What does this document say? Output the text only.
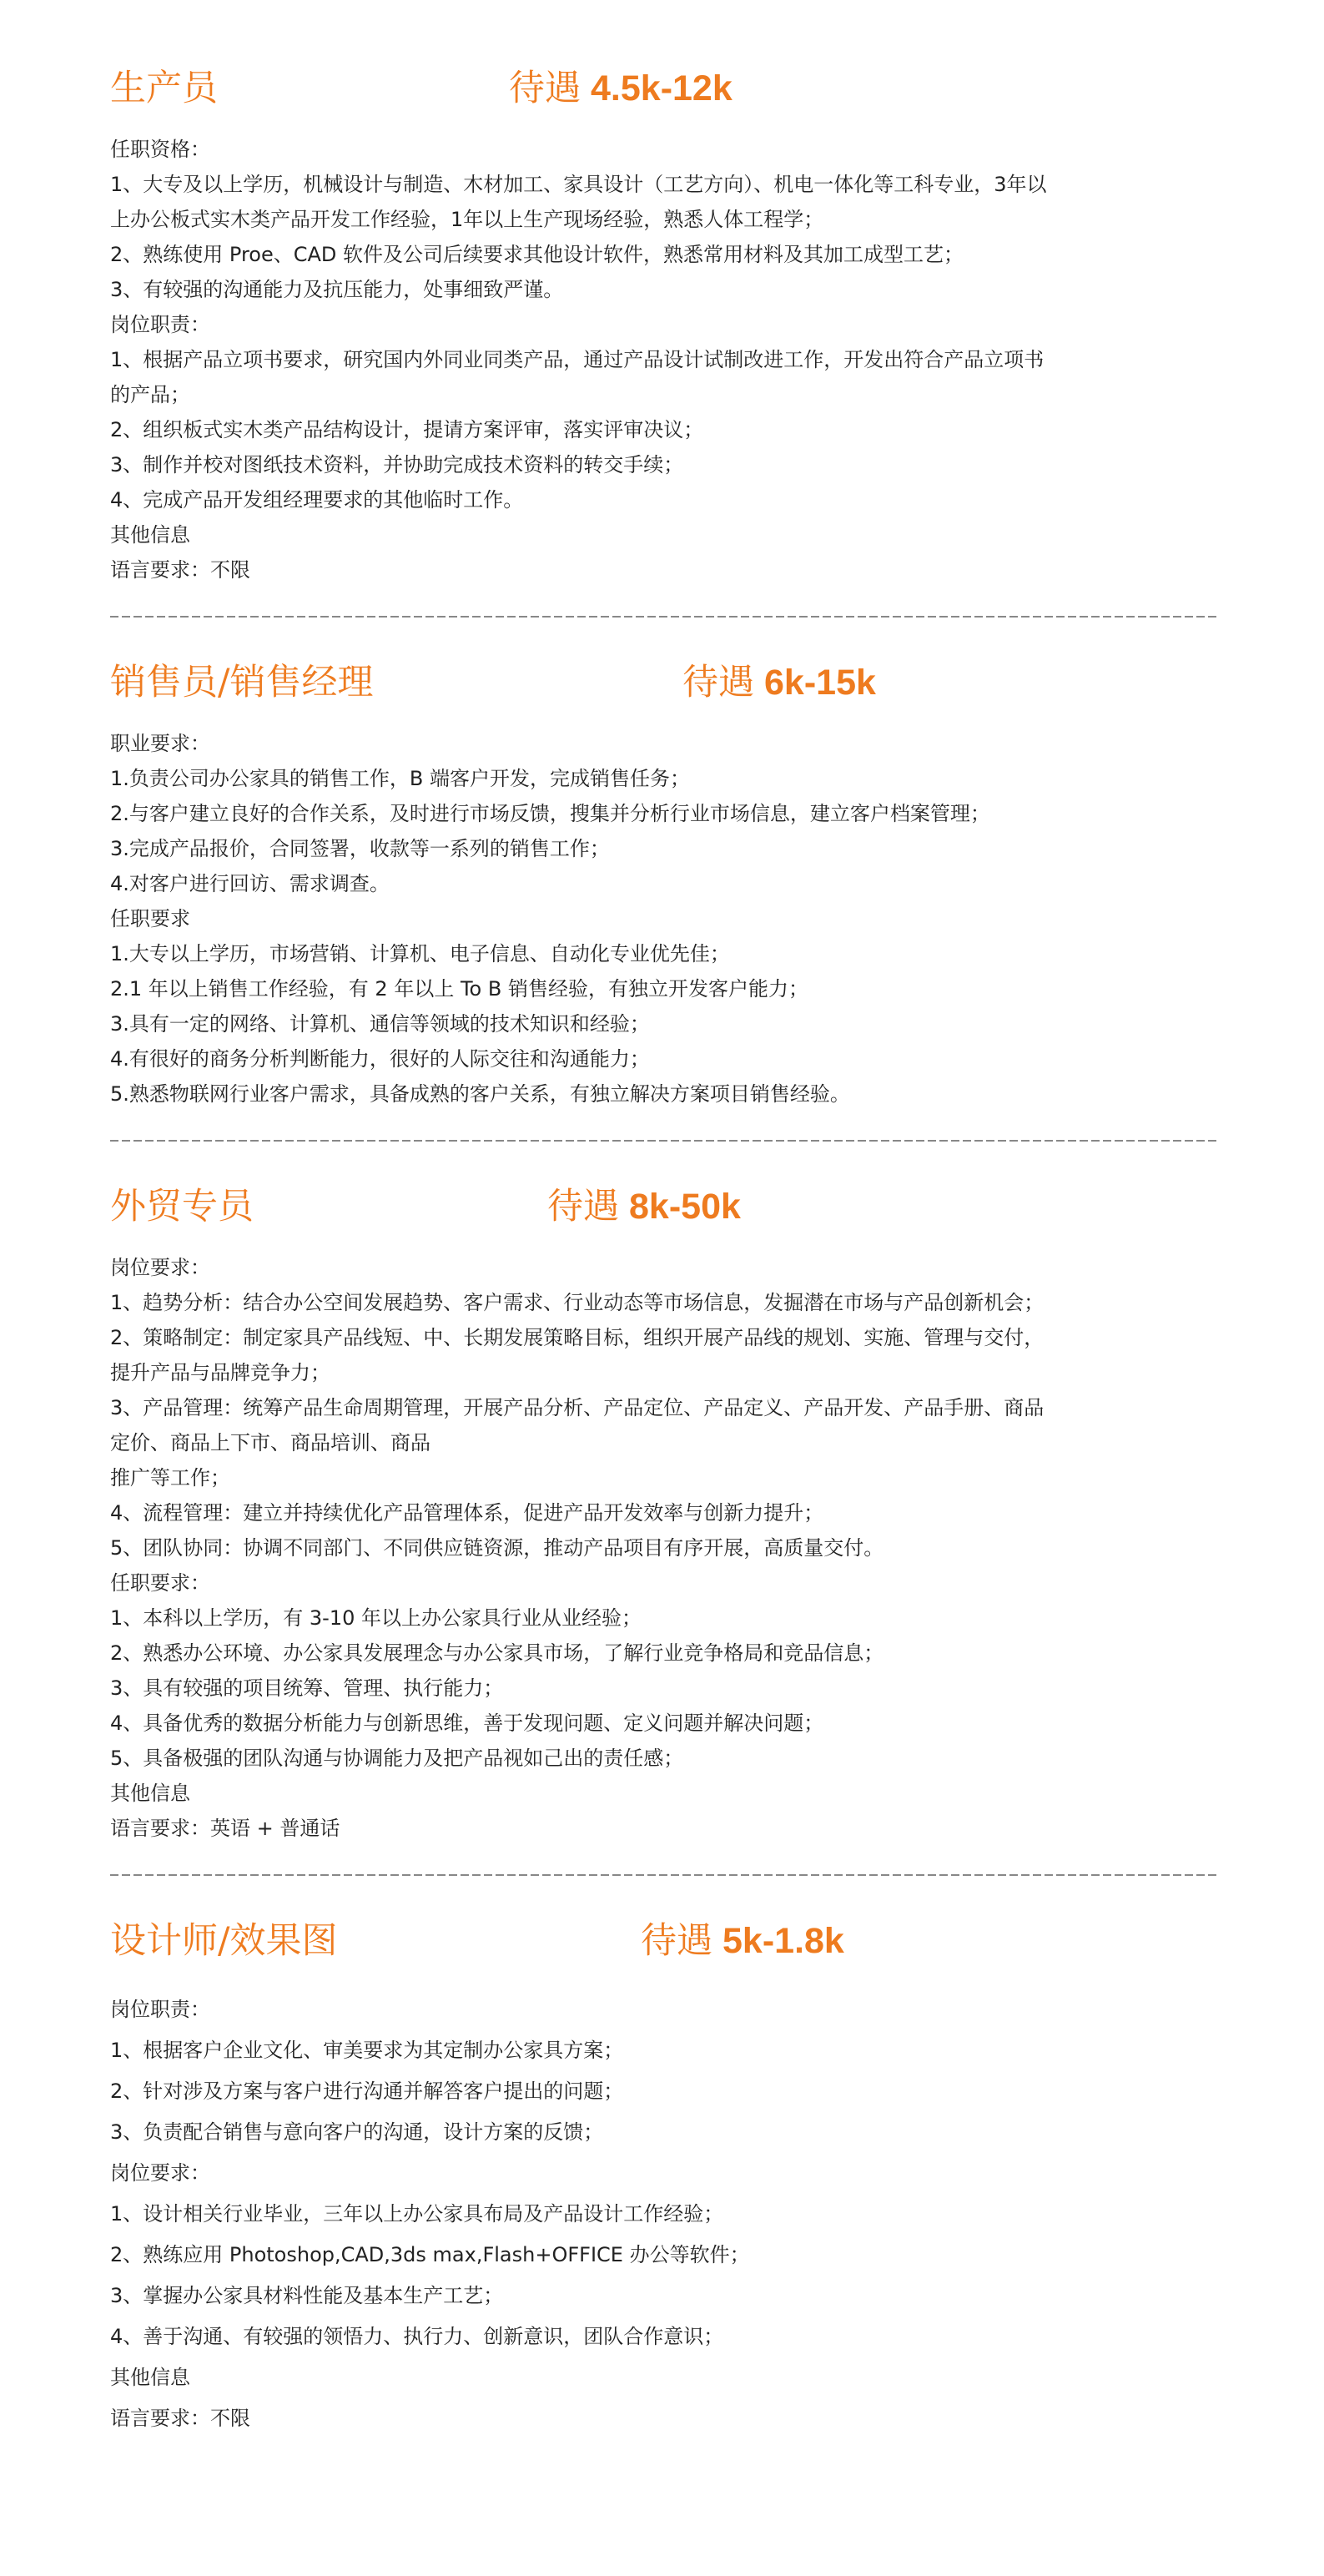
生产员	待遇 4.5k-12k
任职资格：
1、大专及以上学历，机械设计与制造、木材加工、家具设计（工艺方向）、机电一体化等工科专业，3年以
上办公板式实木类产品开发工作经验，1年以上生产现场经验，熟悉人体工程学；
2、熟练使用 Proe、CAD 软件及公司后续要求其他设计软件，熟悉常用材料及其加工成型工艺；
3、有较强的沟通能力及抗压能力，处事细致严谨。
岗位职责：
1、根据产品立项书要求，研究国内外同业同类产品，通过产品设计试制改进工作，开发出符合产品立项书
的产品；
2、组织板式实木类产品结构设计，提请方案评审，落实评审决议；
3、制作并校对图纸技术资料，并协助完成技术资料的转交手续；
4、完成产品开发组经理要求的其他临时工作。
其他信息
语言要求：不限
销售员/销售经理	待遇 6k-15k
职业要求：
1.负责公司办公家具的销售工作，B 端客户开发，完成销售任务；
2.与客户建立良好的合作关系，及时进行市场反馈，搜集并分析行业市场信息，建立客户档案管理；
3.完成产品报价，合同签署，收款等一系列的销售工作；
4.对客户进行回访、需求调查。
任职要求
1.大专以上学历，市场营销、计算机、电子信息、自动化专业优先佳；
2.1 年以上销售工作经验，有 2 年以上 To B 销售经验，有独立开发客户能力；
3.具有一定的网络、计算机、通信等领域的技术知识和经验；
4.有很好的商务分析判断能力，很好的人际交往和沟通能力；
5.熟悉物联网行业客户需求，具备成熟的客户关系，有独立解决方案项目销售经验。
外贸专员	待遇 8k-50k
岗位要求：
1、趋势分析：结合办公空间发展趋势、客户需求、行业动态等市场信息，发掘潜在市场与产品创新机会；
2、策略制定：制定家具产品线短、中、长期发展策略目标，组织开展产品线的规划、实施、管理与交付，
提升产品与品牌竞争力；
3、产品管理：统筹产品生命周期管理，开展产品分析、产品定位、产品定义、产品开发、产品手册、商品
定价、商品上下市、商品培训、商品
推广等工作；
4、流程管理：建立并持续优化产品管理体系，促进产品开发效率与创新力提升；
5、团队协同：协调不同部门、不同供应链资源，推动产品项目有序开展，高质量交付。
任职要求：
1、本科以上学历，有 3-10 年以上办公家具行业从业经验；
2、熟悉办公环境、办公家具发展理念与办公家具市场，了解行业竞争格局和竞品信息；
3、具有较强的项目统筹、管理、执行能力；
4、具备优秀的数据分析能力与创新思维，善于发现问题、定义问题并解决问题；
5、具备极强的团队沟通与协调能力及把产品视如己出的责任感；
其他信息
语言要求：英语 + 普通话
设计师/效果图	待遇 5k-1.8k
岗位职责：
1、根据客户企业文化、审美要求为其定制办公家具方案；
2、针对涉及方案与客户进行沟通并解答客户提出的问题；
3、负责配合销售与意向客户的沟通，设计方案的反馈；
岗位要求：
1、设计相关行业毕业，三年以上办公家具布局及产品设计工作经验；
2、熟练应用 Photoshop,CAD,3ds max,Flash+OFFICE 办公等软件；
3、掌握办公家具材料性能及基本生产工艺；
4、善于沟通、有较强的领悟力、执行力、创新意识，团队合作意识；
其他信息
语言要求：不限
